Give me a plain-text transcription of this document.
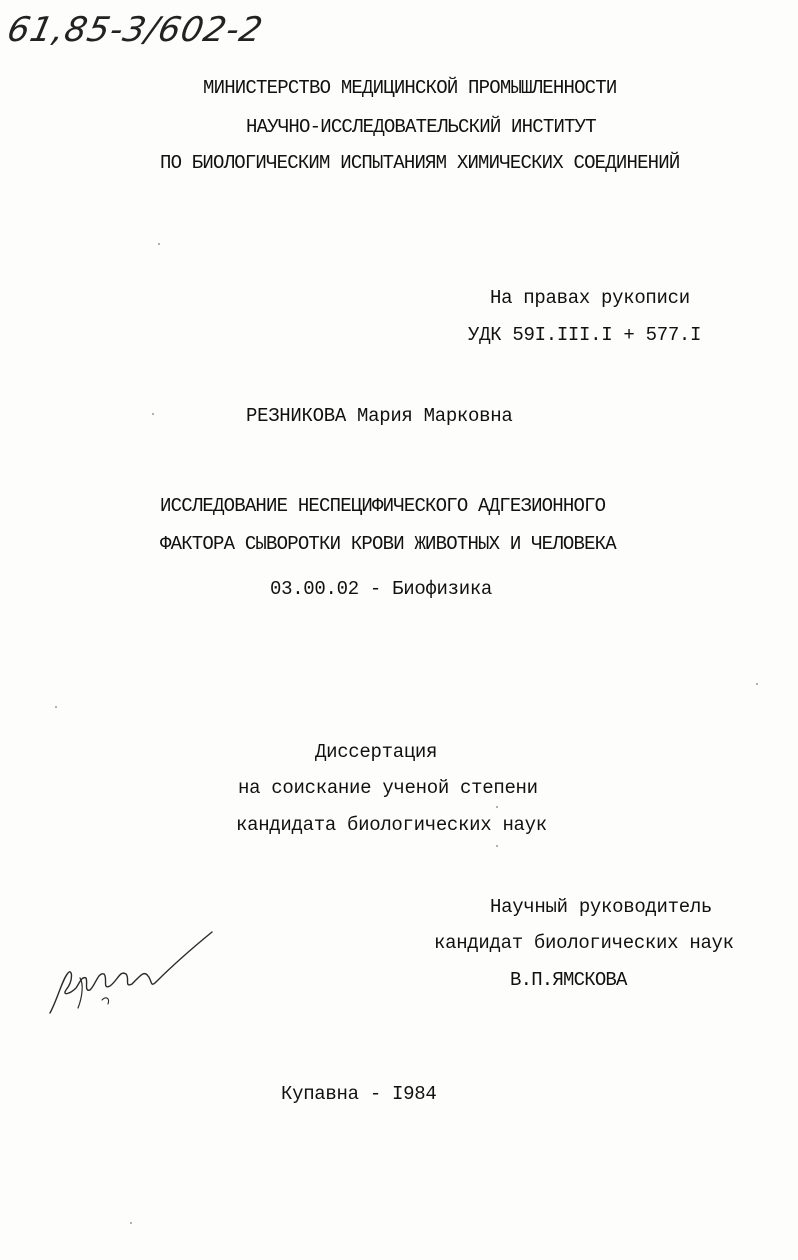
61,85-3/602-2
МИНИСТЕРСТВО МЕДИЦИНСКОЙ ПРОМЫШЛЕННОСТИ
НАУЧНО-ИССЛЕДОВАТЕЛЬСКИЙ ИНСТИТУТ
ПО БИОЛОГИЧЕСКИМ ИСПЫТАНИЯМ ХИМИЧЕСКИХ СОЕДИНЕНИЙ
На правах рукописи
УДК 59I.III.I + 577.I
РЕЗНИКОВА Мария Марковна
ИССЛЕДОВАНИЕ НЕСПЕЦИФИЧЕСКОГО АДГЕЗИОННОГО
ФАКТОРА СЫВОРОТКИ КРОВИ ЖИВОТНЫХ И ЧЕЛОВЕКА
03.00.02 - Биофизика
Диссертация
на соискание ученой степени
кандидата биологических наук
Научный руководитель
кандидат биологических наук
В.П.ЯМСКОВА
Купавна - I984
